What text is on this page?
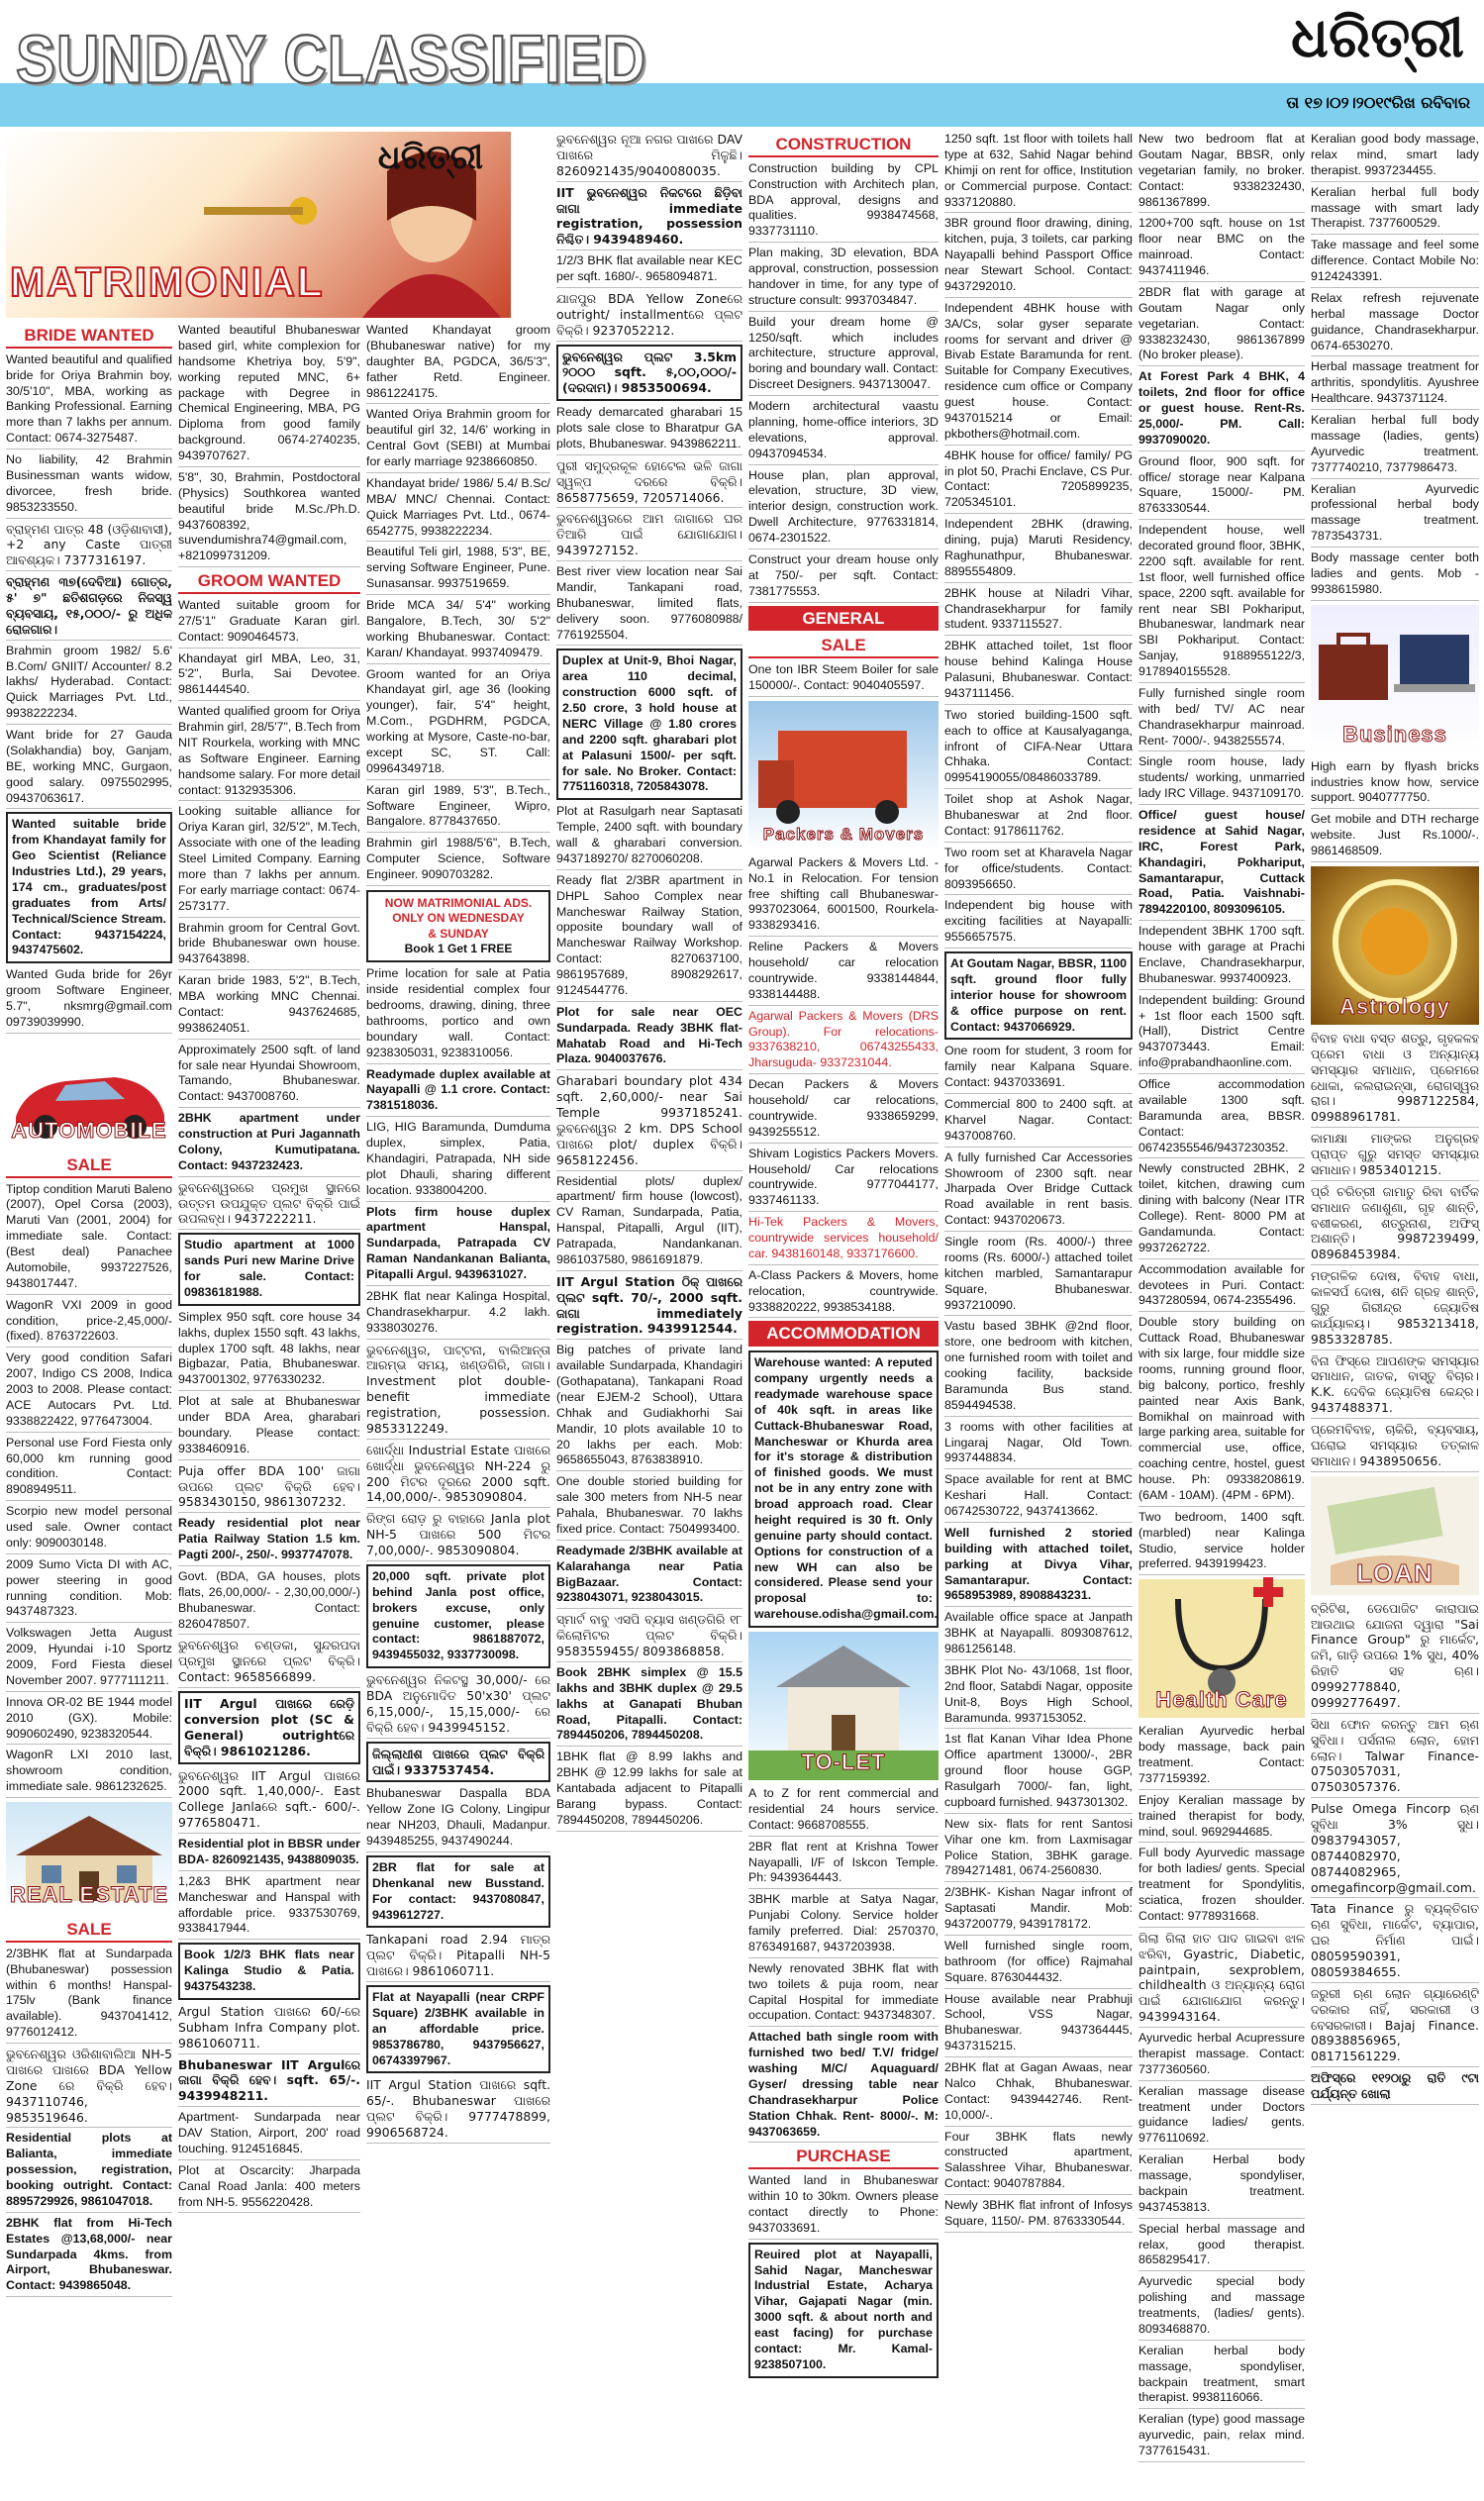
SUNDAY CLASSIFIED	ଧରିତ୍ରୀ
ତା ୧୭।୦୨।୨୦୧୯ରିଖ ରବିବାର
ଧରିତ୍ରୀ
MATRIMONIAL
BRIDE WANTED

Wanted beautiful and qualified bride for Oriya Brahmin boy, 30/5'10", MBA, working as Banking Professional. Earning more than 7 lakhs per annum. Contact: 0674-3275487.

No liability, 42 Brahmin Businessman wants widow, divorcee, fresh bride. 9853233550.

ବ୍ରାହ୍ମଣ ପାତ୍ର 48 (ଓଡ଼ିଶାବାସୀ), +2 any Caste ପାତ୍ରୀ ଆବଶ୍ୟକ। 7377316197.

ବ୍ରାହ୍ମଣ ୩୭(ଦେବିଆ) ଗୋତ୍ର, ୫' ୭" ଛତିଶଗଡ଼ରେ ନିଜସ୍ୱ ବ୍ୟବସାୟ, ୧୫,୦୦୦/- ରୁ ଅଧିକ ରୋଜଗାର।

Brahmin groom 1982/ 5.6' B.Com/ GNIIT/ Accounter/ 8.2 lakhs/ Hyderabad. Contact: Quick Marriages Pvt. Ltd., 9938222234.

Want bride for 27 Gauda (Solakhandia) boy, Ganjam, BE, working MNC, Gurgaon, good salary. 0975502995, 09437063617.

Wanted suitable bride from Khandayat family for Geo Scientist (Reliance Industries Ltd.), 29 years, 174 cm., graduates/post graduates from Arts/ Technical/Science Stream. Contact: 9437154224, 9437475602.

Wanted Guda bride for 26yr groom Software Engineer, 5.7", nksmrg@gmail.com 09739039990.

AUTOMOBILE
SALE

Tiptop condition Maruti Baleno (2007), Opel Corsa (2003), Maruti Van (2001, 2004) for immediate sale. Contact: (Best deal) Panachee Automobile, 9937227526, 9438017447.

WagonR VXI 2009 in good condition, price-2,45,000/- (fixed). 8763722603.

Very good condition Safari 2007, Indigo CS 2008, Indica 2003 to 2008. Please contact: ACE Autocars Pvt. Ltd. 9338822422, 9776473004.

Personal use Ford Fiesta only 60,000 km running good condition. Contact: 8908949511.

Scorpio new model personal used sale. Owner contact only: 9090030148.

2009 Sumo Victa DI with AC, power steering in good running condition. Mob: 9437487323.

Volkswagen Jetta August 2009, Hyundai i-10 Sportz 2009, Ford Fiesta diesel November 2007. 9777111211.

Innova OR-02 BE 1944 model 2010 (GX). Mobile: 9090602490, 9238320544.

WagonR LXI 2010 last, showroom condition, immediate sale. 9861232625.

REAL ESTATE
SALE

2/3BHK flat at Sundarpada (Bhubaneswar) possession within 6 months! Hanspal- 175lv (Bank finance available). 9437041412, 9776012412.

ଭୁବନେଶ୍ୱର ଓରିଶାବାଲିଆ NH-5 ପାଖରେ ପାଖରେ BDA Yellow Zone ରେ ବିକ୍ରି ହେବ। 9437110746, 9853519646.

Residential plots at Balianta, immediate possession, registration, booking outright. Contact: 8895729926, 9861047018.

2BHK flat from Hi-Tech Estates @13,68,000/- near Sundarpada 4kms. from Airport, Bhubaneswar. Contact: 9439865048.

Wanted beautiful Bhubaneswar based girl, white complexion for handsome Khetriya boy, 5'9", working reputed MNC, 6+ package with Degree in Chemical Engineering, MBA, PG Diploma from good family background. 0674-2740235, 9439707627.

5'8", 30, Brahmin, Postdoctoral (Physics) Southkorea wanted beautiful bride M.Sc./Ph.D. 9437608392, suvendumishra74@gmail.com, +821099731209.

GROOM WANTED

Wanted suitable groom for 27/5'1" Graduate Karan girl. Contact: 9090464573.

Khandayat girl MBA, Leo, 31, 5'2", Burla, Sai Devotee. 9861444540.

Wanted qualified groom for Oriya Brahmin girl, 28/5'7", B.Tech from NIT Rourkela, working with MNC as Software Engineer. Earning handsome salary. For more detail contact: 9132935306.

Looking suitable alliance for Oriya Karan girl, 32/5'2", M.Tech, Associate with one of the leading Steel Limited Company. Earning more than 7 lakhs per annum. For early marriage contact: 0674-2573177.

Brahmin groom for Central Govt. bride Bhubaneswar own house. 9437643898.

Karan bride 1983, 5'2", B.Tech, MBA working MNC Chennai. Contact: 9437624685, 9938624051.

Approximately 2500 sqft. of land for sale near Hyundai Showroom, Tamando, Bhubaneswar. Contact: 9437008760.

2BHK apartment under construction at Puri Jagannath Colony, Kumutipatana. Contact: 9437232423.

ଭୁବନେଶ୍ୱରରେ ପ୍ରମୁଖ ସ୍ଥାନରେ ଉତ୍ତମ ଉପଯୁକ୍ତ ପ୍ଲଟ ବିକ୍ରି ପାଇଁ ଉପଲବ୍ଧ। 9437222211.

Studio apartment at 1000 sands Puri new Marine Drive for sale. Contact: 09836181988.

Simplex 950 sqft. core house 34 lakhs, duplex 1550 sqft. 43 lakhs, duplex 1700 sqft. 48 lakhs, near Bigbazar, Patia, Bhubaneswar. 9437001302, 9776330232.

Plot at sale at Bhubaneswar under BDA Area, gharabari boundary. Please contact: 9338460916.

Puja offer BDA 100' ଜାଗା ଉପରେ ପ୍ଲଟ ବିକ୍ରି ହେବ। 9583430150, 9861307232.

Ready residential plot near Patia Railway Station 1.5 km. Pagti 200/-, 250/-. 9937747078.

Govt. (BDA, GA houses, plots flats, 26,00,000/- - 2,30,00,000/-) Bhubaneswar. Contact: 8260478507.

ଭୁବନେଶ୍ୱର ଚଣ୍ଡକା, ସୁନ୍ଦରପଦା ପ୍ରମୁଖ ସ୍ଥାନରେ ପ୍ଲଟ ବିକ୍ରି। Contact: 9658566899.

IIT Argul ପାଖରେ ରେଡ଼ି conversion plot (SC & General) outrightରେ ବିକ୍ରି। 9861021286.

ଭୁବନେଶ୍ୱର IIT Argul ପାଖରେ 2000 sqft. 1,40,000/-. East College Janlaରେ sqft.- 600/-. 9776580471.

Residential plot in BBSR under BDA- 8260921435, 9438809035.

1,2&3 BHK apartment near Mancheswar and Hanspal with affordable price. 9337530769, 9338417944.

Book 1/2/3 BHK flats near Kalinga Studio & Patia. 9437543238.

Argul Station ପାଖରେ 60/-ରେ Subham Infra Company plot. 9861060711.

Bhubaneswar IIT Argulରେ ଜାଗା ବିକ୍ରି ହେବ। sqft. 65/-. 9439948211.

Apartment- Sundarpada near DAV Station, Airport, 200' road touching. 9124516845.

Plot at Oscarcity: Jharpada Canal Road Janla: 400 meters from NH-5. 9556220428.

Wanted Khandayat groom (Bhubaneswar native) for my daughter BA, PGDCA, 36/5'3", father Retd. Engineer. 9861224175.

Wanted Oriya Brahmin groom for beautiful girl 32, 14/6' working in Central Govt (SEBI) at Mumbai for early marriage 9238660850.

Khandayat bride/ 1986/ 5.4/ B.Sc/ MBA/ MNC/ Chennai. Contact: Quick Marriages Pvt. Ltd., 0674-6542775, 9938222234.

Beautiful Teli girl, 1988, 5'3", BE, serving Software Engineer, Pune. Sunasansar. 9937519659.

Bride MCA 34/ 5'4" working Bangalore, B.Tech, 30/ 5'2" working Bhubaneswar. Contact: Karan/ Khandayat. 9937409479.

Groom wanted for an Oriya Khandayat girl, age 36 (looking younger), fair, 5'4" height, M.Com., PGDHRM, PGDCA, working at Mysore, Caste-no-bar, except SC, ST. Call: 09964349718.

Karan girl 1989, 5'3", B.Tech., Software Engineer, Wipro, Bangalore. 8778437650.

Brahmin girl 1988/5'6", B.Tech, Computer Science, Software Engineer. 9090703282.

NOW MATRIMONIAL ADS.
ONLY ON WEDNESDAY
& SUNDAY
Book 1 Get 1 FREE

Prime location for sale at Patia inside residential complex four bedrooms, drawing, dining, three bathrooms, portico and own boundary wall. Contact: 9238305031, 9238310056.

Readymade duplex available at Nayapalli @ 1.1 crore. Contact: 7381518036.

LIG, HIG Baramunda, Dumduma duplex, simplex, Patia, Khandagiri, Patrapada, NH side plot Dhauli, sharing different location. 9338004200.

Plots firm house duplex apartment Hanspal, Sundarpada, Patrapada CV Raman Nandankanan Balianta, Pitapalli Argul. 9439631027.

2BHK flat near Kalinga Hospital, Chandrasekharpur. 4.2 lakh. 9338030276.

ଭୁବନେଶ୍ୱର, ପାଟ୍ଟନା, ବାଲିଆନ୍ତା ଆରମ୍ଭ ସମୟ, ଖଣ୍ଡଗିରି, ଜାଗା। Investment plot double- benefit immediate registration, possession. 9853312249.

ଖୋର୍ଦ୍ଧା Industrial Estate ପାଖରେ ଖୋର୍ଦ୍ଧା ଭୁବନେଶ୍ୱର NH-224 ରୁ 200 ମିଟର ଦୂରରେ 2000 sqft. 14,00,000/-. 9853090804.

ରିଙ୍ଗ ରୋଡ଼ ରୁ ବାହାରେ Janla plot NH-5 ପାଖରେ 500 ମିଟର 7,00,000/-. 9853090804.

20,000 sqft. private plot behind Janla post office, brokers excuse, only genuine customer, please contact: 9861887072, 9439455032, 9337730098.

ଭୁବନେଶ୍ୱର ନିକଟସ୍ଥ 30,000/- ରେ BDA ଅନୁମୋଦିତ 50'x30' ପ୍ଲଟ 6,15,000/-, 15,15,000/- ରେ ବିକ୍ରି ହେବ। 9439945152.

ଜିଲ୍ଲାଧୀଶ ପାଖରେ ପ୍ଲଟ ବିକ୍ରି ପାଇଁ। 9337537454.

Bhubaneswar Daspalla BDA Yellow Zone IG Colony, Lingipur near NH203, Dhauli, Madanpur. 9439485255, 9437490244.

2BR flat for sale at Dhenkanal new Busstand. For contact: 9437080847, 9439612727.

Tankapani road 2.94 ମାତ୍ର ପ୍ଲଟ ବିକ୍ରି। Pitapalli NH-5 ପାଖରେ। 9861060711.

Flat at Nayapalli (near CRPF Square) 2/3BHK available in an affordable price. 9853786780, 9437956627, 06743397967.

IIT Argul Station ପାଖରେ sqft. 65/-. Bhubaneswar ପାଖରେ ପ୍ଲଟ ବିକ୍ରି। 9777478899, 9906568724.

ଭୁବନେଶ୍ୱର ନୂଆ ନଗର ପାଖରେ DAV ପାଖରେ ମିଳୁଛି। 8260921435/9040080035.

IIT ଭୁବନେଶ୍ୱର ନିକଟରେ ଛିଡ଼ିବା ଜାଗା immediate registration, possession ନିଶ୍ଚିତ। 9439489460.

1/2/3 BHK flat available near KEC per sqft. 1680/-. 9658094871.

ଯାଜପୁର BDA Yellow Zoneରେ outright/ installmentରେ ପ୍ଲଟ ବିକ୍ରି। 9237052212.

ଭୁବନେଶ୍ୱର ପ୍ଲଟ 3.5km ୨୦୦୦ sqft. ୫,୦୦,୦୦୦/- (ଦରଦାମ)। 9853500694.

Ready demarcated gharabari 15 plots sale close to Bharatpur GA plots, Bhubaneswar. 9439862211.

ପୁରୀ ସମୁଦ୍ରକୂଳ ହୋଟେଲ ଭଳି ଜାଗା ସ୍ୱଳ୍ପ ଦରରେ ବିକ୍ରି। 8658775659, 7205714066.

ଭୁବନେଶ୍ୱରରେ ଆମ ଜାଗାରେ ଘର ତିଆରି ପାଇଁ ଯୋଗାଯୋଗ। 9439727152.

Best river view location near Sai Mandir, Tankapani road, Bhubaneswar, limited flats, delivery soon. 9776080988/ 7761925504.

Duplex at Unit-9, Bhoi Nagar, area 110 decimal, construction 6000 sqft. of 2.50 crore, 3 hold house at NERC Village @ 1.80 crores and 2200 sqft. gharabari plot at Palasuni 1500/- per sqft. for sale. No Broker. Contact: 7751160318, 7205843078.

Plot at Rasulgarh near Saptasati Temple, 2400 sqft. with boundary wall & gharabari conversion. 9437189270/ 8270060208.

Ready flat 2/3BR apartment in DHPL Sahoo Complex near Mancheswar Railway Station, opposite boundary wall of Mancheswar Railway Workshop. Contact: 8270637100, 9861957689, 8908292617, 9124544776.

Plot for sale near OEC Sundarpada. Ready 3BHK flat- Mahatab Road and Hi-Tech Plaza. 9040037676.

Gharabari boundary plot 434 sqft. 2,60,000/- near Sai Temple 9937185241. ଭୁବନେଶ୍ୱର 2 km. DPS School ପାଖରେ plot/ duplex ବିକ୍ରି। 9658122456.

Residential plots/ duplex/ apartment/ firm house (lowcost), CV Raman, Sundarpada, Patia, Hanspal, Pitapalli, Argul (IIT), Patrapada, Nandankanan. 9861037580, 9861691879.

IIT Argul Station ଠିକ୍‌ ପାଖରେ ପ୍ଲଟ sqft. 70/-, 2000 sqft. ଜାଗା immediately registration. 9439912544.

Big patches of private land available Sundarpada, Khandagiri (Gothapatana), Tankapani Road (near EJEM-2 School), Uttara Chhak and Gudiakhorhi Sai Mandir, 10 plots available 10 to 20 lakhs per each. Mob: 9658655043, 8763838910.

One double storied building for sale 300 meters from NH-5 near Pahala, Bhubaneswar. 70 lakhs fixed price. Contact: 7504993400.

Readymade 2/3BHK available at Kalarahanga near Patia BigBazaar. Contact: 9238043071, 9238043015.

ସ୍ମାର୍ଟ ବାବୁ ଏସପି ବ୍ୟାସ ଖଣ୍ଡଗିରି ୧୮ କିଲୋମିଟର ପ୍ଲଟ ବିକ୍ରି। 9583559455/ 8093868858.

Book 2BHK simplex @ 15.5 lakhs and 3BHK duplex @ 29.5 lakhs at Ganapati Bhuban Road, Pitapalli. Contact: 7894450206, 7894450208.

1BHK flat @ 8.99 lakhs and 2BHK @ 12.99 lakhs for sale at Kantabada adjacent to Pitapalli Barang bypass. Contact: 7894450208, 7894450206.

CONSTRUCTION

Construction building by CPL Construction with Architech plan, BDA approval, designs and qualities. 9938474568, 9337731110.

Plan making, 3D elevation, BDA approval, construction, possession handover in time, for any type of structure consult: 9937034847.

Build your dream home @ 1250/sqft. which includes architecture, structure approval, boring and boundary wall. Contact: Discreet Designers. 9437130047.

Modern architectural vaastu planning, home-office interiors, 3D elevations, approval. 09437094534.

House plan, plan approval, elevation, structure, 3D view, interior design, construction work. Dwell Architecture, 9776331814, 0674-2301522.

Construct your dream house only at 750/- per sqft. Contact: 7381775553.

GENERAL
SALE

One ton IBR Steem Boiler for sale 150000/-. Contact: 9040405597.

Packers & Movers

Agarwal Packers & Movers Ltd. - No.1 in Relocation. For tension free shifting call Bhubaneswar- 9937023064, 6001500, Rourkela- 9338293416.

Reline Packers & Movers household/ car relocation countrywide. 9338144844, 9338144488.

Agarwal Packers & Movers (DRS Group). For relocations- 9337638210, 06743255433, Jharsuguda- 9337231044.

Decan Packers & Movers household/ car relocations, countrywide. 9338659299, 9439255512.

Shivam Logistics Packers Movers. Household/ Car relocations countrywide. 9777044177, 9337461133.

Hi-Tek Packers & Movers, countrywide services household/ car. 9438160148, 9337176600.

A-Class Packers & Movers, home relocation, countrywide. 9338820222, 9938534188.

ACCOMMODATION

Warehouse wanted: A reputed company urgently needs a readymade warehouse space of 40k sqft. in areas like Cuttack-Bhubaneswar Road, Mancheswar or Khurda area for it's storage & distribution of finished goods. We must not be in any entry zone with broad approach road. Clear height required is 30 ft. Only genuine party should contact. Options for construction of a new WH can also be considered. Please send your proposal to: warehouse.odisha@gmail.com.

TO-LET

A to Z for rent commercial and residential 24 hours service. Contact: 9668708555.

2BR flat rent at Krishna Tower Nayapalli, I/F of Iskcon Temple. Ph: 9439364443.

3BHK marble at Satya Nagar, Punjabi Colony. Service holder family preferred. Dial: 2570370, 8763491687, 9437203938.

Newly renovated 3BHK flat with two toilets & puja room, near Capital Hospital for immediate occupation. Contact: 9437348307.

Attached bath single room with furnished two bed/ T.V/ fridge/ washing M/C/ Aquaguard/ Gyser/ dressing table near Chandrasekharpur Police Station Chhak. Rent- 8000/-. M: 9437063659.

PURCHASE

Wanted land in Bhubaneswar within 10 to 30km. Owners please contact directly to Phone: 9437033691.

Reuired plot at Nayapalli, Sahid Nagar, Mancheswar Industrial Estate, Acharya Vihar, Gajapati Nagar (min. 3000 sqft. & about north and east facing) for purchase contact: Mr. Kamal- 9238507100.

1250 sqft. 1st floor with toilets hall type at 632, Sahid Nagar behind Khimji on rent for office, Institution or Commercial purpose. Contact: 9337120880.

3BR ground floor drawing, dining, kitchen, puja, 3 toilets, car parking Nayapalli behind Passport Office near Stewart School. Contact: 9437292010.

Independent 4BHK house with 3A/Cs, solar gyser separate rooms for servant and driver @ Bivab Estate Baramunda for rent. Suitable for Company Executives, residence cum office or Company guest house. Contact: 9437015214 or Email: pkbothers@hotmail.com.

4BHK house for office/ family/ PG in plot 50, Prachi Enclave, CS Pur. Contact: 7205899235, 7205345101.

Independent 2BHK (drawing, dining, puja) Maruti Residency, Raghunathpur, Bhubaneswar. 8895554809.

2BHK house at Niladri Vihar, Chandrasekharpur for family student. 9337115527.

2BHK attached toilet, 1st floor house behind Kalinga House Palasuni, Bhubaneswar. Contact: 9437111456.

Two storied building-1500 sqft. each to office at Kausalyaganga, infront of CIFA-Near Uttara Chhaka. Contact: 09954190055/08486033789.

Toilet shop at Ashok Nagar, Bhubaneswar at 2nd floor. Contact: 9178611762.

Two room set at Kharavela Nagar for office/students. Contact: 8093956650.

Independent big house with exciting facilities at Nayapalli: 9556657575.

At Goutam Nagar, BBSR, 1100 sqft. ground floor fully interior house for showroom & office purpose on rent. Contact: 9437066929.

One room for student, 3 room for family near Kalpana Square. Contact: 9437033691.

Commercial 800 to 2400 sqft. at Kharvel Nagar. Contact: 9437008760.

A fully furnished Car Accessories Showroom of 2300 sqft. near Jharpada Over Bridge Cuttack Road available in rent basis. Contact: 9437020673.

Single room (Rs. 4000/-) three rooms (Rs. 6000/-) attached toilet kitchen marbled, Samantarapur Square, Bhubaneswar. 9937210090.

Vastu based 3BHK @2nd floor, store, one bedroom with kitchen, one furnished room with toilet and cooking facility, backside Baramunda Bus stand. 8594494538.

3 rooms with other facilities at Lingaraj Nagar, Old Town. 9937448834.

Space available for rent at BMC Keshari Hall. Contact: 06742530722, 9437413662.

Well furnished 2 storied building with attached toilet, parking at Divya Vihar, Samantarapur. Contact: 9658953989, 8908843231.

Available office space at Janpath 3BHK at Nayapalli. 8093087612, 9861256148.

3BHK Plot No- 43/1068, 1st floor, 2nd floor, Satabdi Nagar, opposite Unit-8, Boys High School, Baramunda. 9937153052.

1st flat Kanan Vihar Idea Phone Office apartment 13000/-, 2BR ground floor house GGP, Rasulgarh 7000/- fan, light, cupboard furnished. 9437301302.

New six- flats for rent Santosi Vihar one km. from Laxmisagar Police Station, 3BHK garage. 7894271481, 0674-2560830.

2/3BHK- Kishan Nagar infront of Saptasati Mandir. Mob: 9437200779, 9439178172.

Well furnished single room, bathroom (for office) Rajmahal Square. 8763044432.

House available near Prabhuji School, VSS Nagar, Bhubaneswar. 9437364445, 9437315215.

2BHK flat at Gagan Awaas, near Nalco Chhak, Bhubaneswar. Contact: 9439442746. Rent- 10,000/-.

Four 3BHK flats newly constructed apartment, Salasshree Vihar, Bhubaneswar. Contact: 9040787884.

Newly 3BHK flat infront of Infosys Square, 1150/- PM. 8763330544.

New two bedroom flat at Goutam Nagar, BBSR, only vegetarian family, no broker. Contact: 9338232430, 9861367899.

1200+700 sqft. house on 1st floor near BMC on the mainroad. Contact: 9437411946.

2BDR flat with garage at Goutam Nagar only vegetarian. Contact: 9338232430, 9861367899 (No broker please).

At Forest Park 4 BHK, 4 toilets, 2nd floor for office or guest house. Rent-Rs. 25,000/- PM. Call: 9937090020.

Ground floor, 900 sqft. for office/ storage near Kalpana Square, 15000/- PM. 8763330544.

Independent house, well decorated ground floor, 3BHK, 2200 sqft. available for rent. 1st floor, well furnished office space, 2200 sqft. available for rent near SBI Pokhariput, Bhubaneswar, landmark near SBI Pokhariput. Contact: Sanjay, 9188955122/3, 9178940155528.

Fully furnished single room with bed/ TV/ AC near Chandrasekharpur mainroad. Rent- 7000/-. 9438255574.

Single room house, lady students/ working, unmarried lady IRC Village. 9437109170.

Office/ guest house/ residence at Sahid Nagar, IRC, Forest Park, Khandagiri, Pokhariput, Samantarapur, Cuttack Road, Patia. Vaishnabi- 7894220100, 8093096105.

Independent 3BHK 1700 sqft. house with garage at Prachi Enclave, Chandrasekharpur, Bhubaneswar. 9937400923.

Independent building: Ground + 1st floor each 1500 sqft. (Hall), District Centre 9437073443. Email: info@prabandhaonline.com.

Office accommodation available 1300 sqft. Baramunda area, BBSR. Contact: 06742355546/9437230352.

Newly constructed 2BHK, 2 toilet, kitchen, drawing cum dining with balcony (Near ITR College). Rent- 8000 PM at Gandamunda. Contact: 9937262722.

Accommodation available for devotees in Puri. Contact: 9437280594, 0674-2355496.

Double story building on Cuttack Road, Bhubaneswar with six large, four middle size rooms, running ground floor, big balcony, portico, freshly painted near Axis Bank, Bomikhal on mainroad with large parking area, suitable for commercial use, office, coaching centre, hostel, guest house. Ph: 09338208619. (6AM - 10AM). (4PM - 6PM).

Two bedroom, 1400 sqft. (marbled) near Kalinga Studio, service holder preferred. 9439199423.

Health Care

Keralian Ayurvedic herbal body massage, back pain treatment. Contact: 7377159392.

Enjoy Keralian massage by trained therapist for body, mind, soul. 9692944685.

Full body Ayurvedic massage for both ladies/ gents. Special treatment for Spondylitis, sciatica, frozen shoulder. Contact: 9778931668.

ଗିଲା ଗିଲା ହାତ ପାଦ ଗାଇବା ଝାଳ ଝରିବା, Gyastric, Diabetic, paintpain, sexproblem, childhealth ଓ ଅନ୍ୟାନ୍ୟ ରୋଗ ପାଇଁ ଯୋଗାଯୋଗ କରନ୍ତୁ। 9439943164.

Ayurvedic herbal Acupressure therapist massage. Contact: 7377360560.

Keralian massage disease treatment under Doctors guidance ladies/ gents. 9776110692.

Keralian Herbal body massage, spondyliser, backpain treatment. 9437453813.

Special herbal massage and relax, good therapist. 8658295417.

Ayurvedic special body polishing and massage treatments, (ladies/ gents). 8093468870.

Keralian herbal body massage, spondyliser, backpain treatment, smart therapist. 9938116066.

Keralian (type) good massage ayurvedic, pain, relax mind. 7377615431.

Keralian good body massage, relax mind, smart lady therapist. 9937234455.

Keralian herbal full body massage with smart lady Therapist. 7377600529.

Take massage and feel some difference. Contact Mobile No: 9124243391.

Relax refresh rejuvenate herbal massage Doctor guidance, Chandrasekharpur. 0674-6530270.

Herbal massage treatment for arthritis, spondylitis. Ayushree Healthcare. 9437371124.

Keralian herbal full body massage (ladies, gents) Ayurvedic treatment. 7377740210, 7377986473.

Keralian Ayurvedic professional herbal body massage treatment. 7873543731.

Body massage center both ladies and gents. Mob - 9938615980.

Business

High earn by flyash bricks industries know how, service support. 9040777750.

Get mobile and DTH recharge website. Just Rs.1000/-. 9861468509.

Astrology

ବିବାହ ବାଧା ବସ୍ତ ଶତ୍ରୁ, ଗୃହକଳହ ପ୍ରେମ ବାଧା ଓ ଅନ୍ୟାନ୍ୟ ସମସ୍ୟାର ସମାଧାନ, ପ୍ରେମରେ ଧୋକା, କଲରାଇନ୍‌ସା, ରୋଗସ୍ୱର ରାଗ। 9987122584, 09988961781.

କାମାକ୍ଷା ମାଙ୍କର ଅନୁଗ୍ରହ ପ୍ରାପ୍ତ ଗୁରୁ ସମସ୍ତ ସମସ୍ୟାର ସମାଧାନ। 9853401215.

ପ୍ରଁ ଚରିତ୍ରୀ ଜାମାତୁ ରିବା ବାର୍ତିକ ସମାଧାନ ଜଣାଶୁଣା, ଗୃହ ଶାନ୍ତି, ବଶୀକରଣ, ଶତ୍ରୁନାଶ, ଅଫିସ୍‌ ଅଶାନ୍ତି। 9987239499, 08968453984.

ମଙ୍ଗଳିକ ଦୋଷ, ବିବାହ ବାଧା, କାଳସର୍ପ ଦୋଷ, ଶନି ଗ୍ରହ ଶାନ୍ତି, ଗୁରୁ ଗିରୀନ୍ଦ୍ର ଜ୍ୟୋତିଷ କାର୍ଯ୍ୟାଳୟ। 9853213418, 9853328785.

ବିନା ଫିସ୍‌ରେ ଆପଣଙ୍କ ସମସ୍ୟାର ସମାଧାନ, ଜାତକ, ବାସ୍ତୁ ବିଚାର। K.K. ଦେବିକ ଜ୍ୟୋତିଷ କେନ୍ଦ୍ର। 9437488371.

ପ୍ରେମବିବାହ, ଚାକିରି, ବ୍ୟବସାୟ, ଘରୋଇ ସମସ୍ୟାର ତତ୍‌କାଳ ସମାଧାନ। 9438950656.

LOAN

ବ୍ରିଟିଶ, ଡେପୋଜିଟ କାରାପାଇ ଆଉଥାଇ ଯୋଜନା ଦ୍ୱାରା "Sai Finance Group" ରୁ ମାର୍କେଟ, ଜମି, ଗାଡ଼ି ଉପରେ 1% ସୁଧ, 40% ରିହାତି ସହ ଋଣ। 09992778840, 09992776497.

ସିଧା ଫୋନ କରନ୍ତୁ ଆମ ଋଣ ସୁବିଧା। ପର୍ସନାଲ ଲୋନ, ହୋମ ଲୋନ। Talwar Finance- 07503057031, 07503057376.

Pulse Omega Fincorp ଋଣ ସୁବିଧା 3% ସୁଧ। 09837943057, 08744082970, 08744082965, omegafincorp@gmail.com.

Tata Finance ରୁ ବ୍ୟକ୍ତିଗତ ଋଣ ସୁବିଧା, ମାର୍କେଟ, ବ୍ୟାପାର, ଘର ନିର୍ମାଣ ପାଇଁ। 08059590391, 08059384655.

ଜରୁରୀ ଋଣ ଲୋନ ଗ୍ୟାରେଣ୍ଟି ଦରକାର ନାହିଁ, ସରକାରୀ ଓ ବେସରକାରୀ। Bajaj Finance. 08938856965, 08171561229.

ଅଫିସ୍‌ରେ ୧୧୨ଠାରୁ ରାତି ୯ଟା ପର୍ଯ୍ୟନ୍ତ ଖୋଲା
